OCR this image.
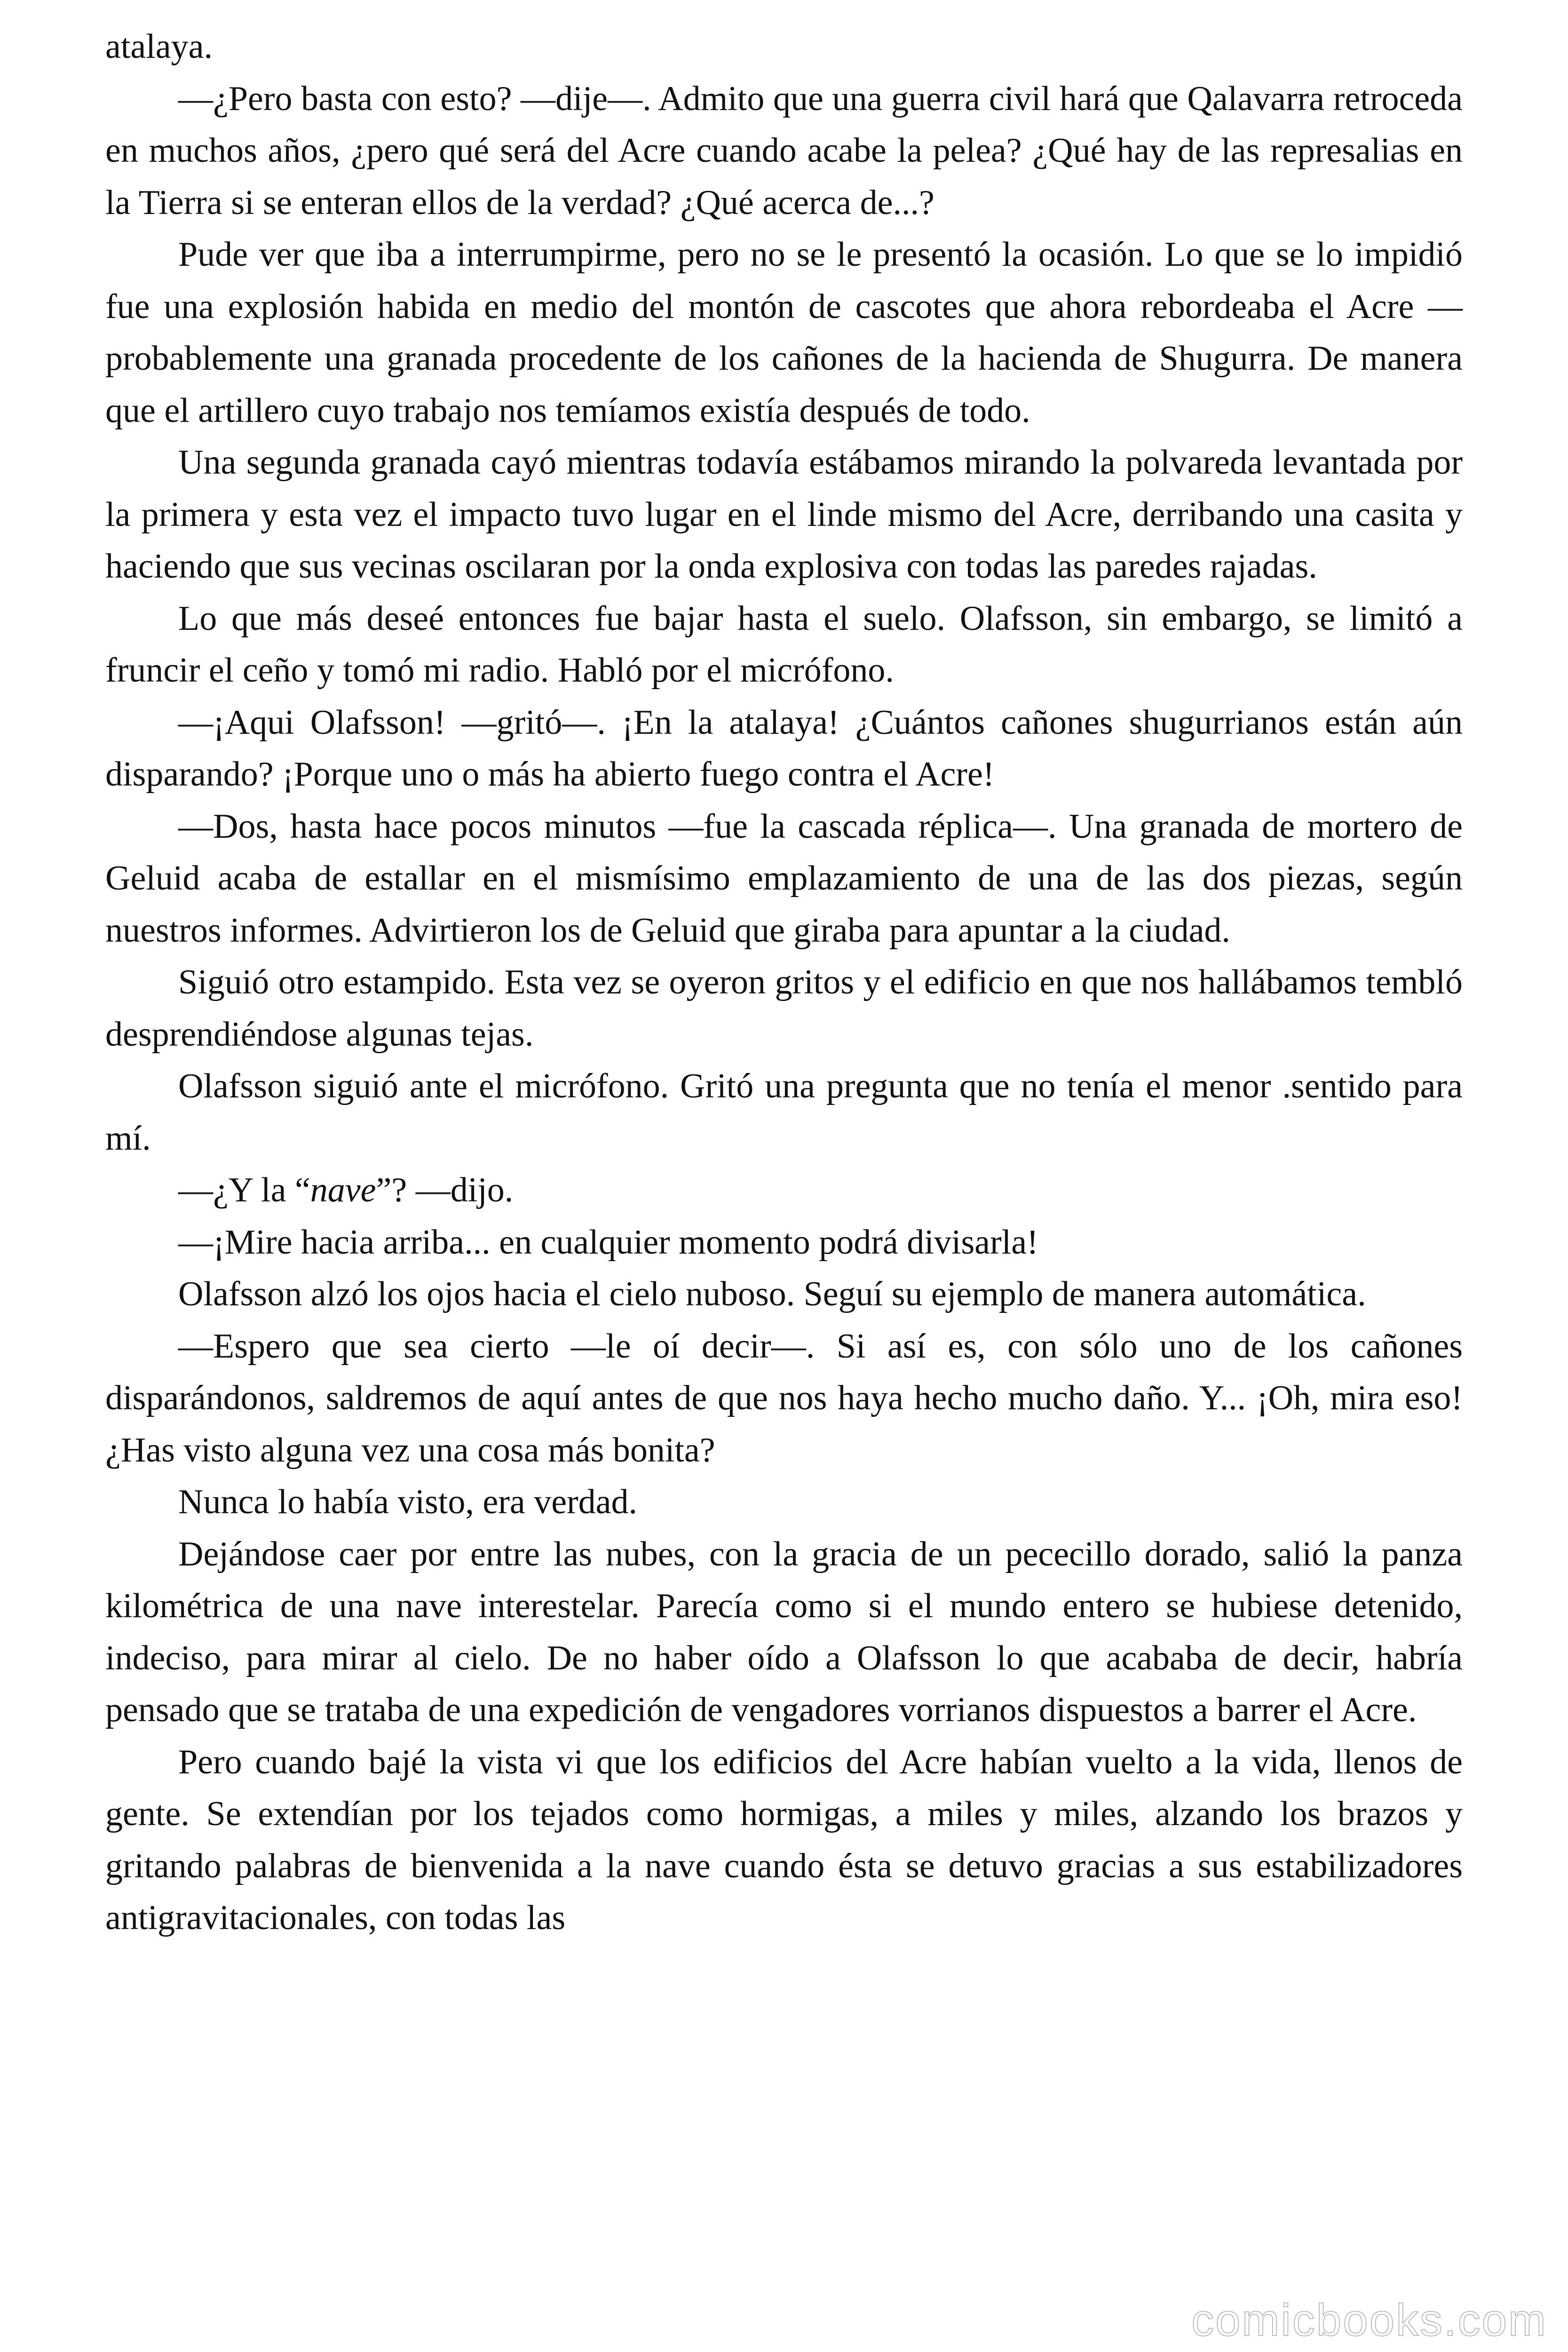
atalaya.

—¿Pero basta con esto? —dije—. Admito que una guerra civil hará que Qalavarra retroceda en muchos años, ¿pero qué será del Acre cuando acabe la pelea? ¿Qué hay de las represalias en la Tierra si se enteran ellos de la verdad? ¿Qué acerca de...?

Pude ver que iba a interrumpirme, pero no se le presentó la ocasión. Lo que se lo impidió fue una explosión habida en medio del montón de cascotes que ahora rebordeaba el Acre —probablemente una granada procedente de los cañones de la hacienda de Shugurra. De manera que el artillero cuyo trabajo nos temíamos existía después de todo.

Una segunda granada cayó mientras todavía estábamos mirando la polvareda levantada por la primera y esta vez el impacto tuvo lugar en el linde mismo del Acre, derribando una casita y haciendo que sus vecinas oscilaran por la onda explosiva con todas las paredes rajadas.

Lo que más deseé entonces fue bajar hasta el suelo. Olafsson, sin embargo, se limitó a fruncir el ceño y tomó mi radio. Habló por el micrófono.

—¡Aqui Olafsson! —gritó—. ¡En la atalaya! ¿Cuántos cañones shugurrianos están aún disparando? ¡Porque uno o más ha abierto fuego contra el Acre!

—Dos, hasta hace pocos minutos —fue la cascada réplica—. Una granada de mortero de Geluid acaba de estallar en el mismísimo emplazamiento de una de las dos piezas, según nuestros informes. Advirtieron los de Geluid que giraba para apuntar a la ciudad.

Siguió otro estampido. Esta vez se oyeron gritos y el edificio en que nos hallábamos tembló desprendiéndose algunas tejas.

Olafsson siguió ante el micrófono. Gritó una pregunta que no tenía el menor .sentido para mí.

—¿Y la “nave”? —dijo.

—¡Mire hacia arriba... en cualquier momento podrá divisarla!

Olafsson alzó los ojos hacia el cielo nuboso. Seguí su ejemplo de manera automática.

—Espero que sea cierto —le oí decir—. Si así es, con sólo uno de los cañones disparándonos, saldremos de aquí antes de que nos haya hecho mucho daño. Y... ¡Oh, mira eso! ¿Has visto alguna vez una cosa más bonita?

Nunca lo había visto, era verdad.

Dejándose caer por entre las nubes, con la gracia de un pececillo dorado, salió la panza kilométrica de una nave interestelar. Parecía como si el mundo entero se hubiese detenido, indeciso, para mirar al cielo. De no haber oído a Olafsson lo que acababa de decir, habría pensado que se trataba de una expedición de vengadores vorrianos dispuestos a barrer el Acre.

Pero cuando bajé la vista vi que los edificios del Acre habían vuelto a la vida, llenos de gente. Se extendían por los tejados como hormigas, a miles y miles, alzando los brazos y gritando palabras de bienvenida a la nave cuando ésta se detuvo gracias a sus estabilizadores antigravitacionales, con todas las

comicbooks.com
